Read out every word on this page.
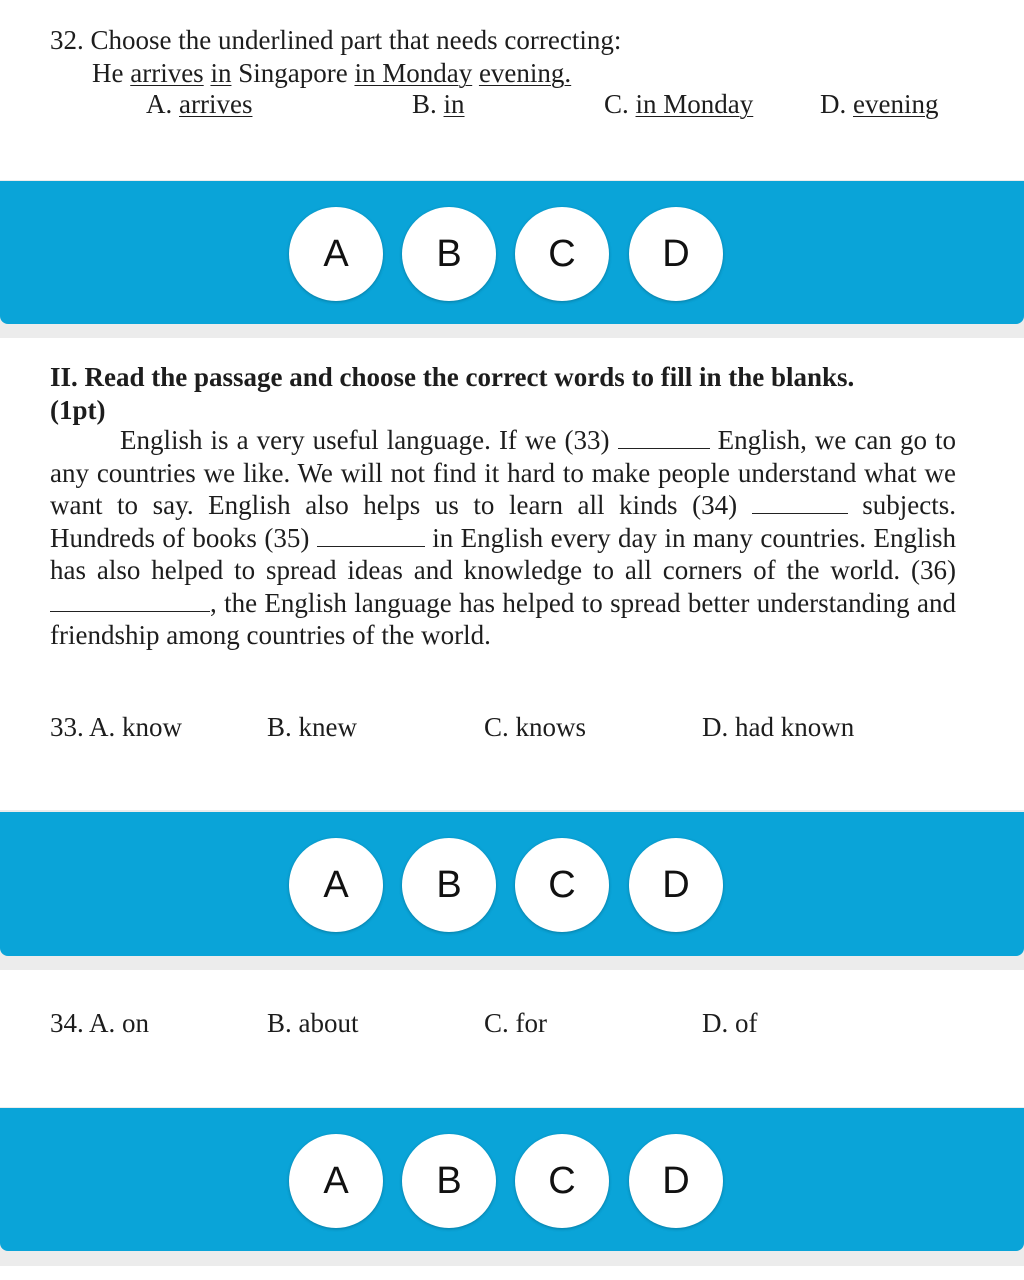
32. Choose the underlined part that needs correcting:
He arrives in Singapore in Monday evening.
A. arrives	B. in	C. in Monday D. evening
A	B	C	D
II. Read the passage and choose the correct words to fill in the blanks.
(1pt)

English is a very useful language. If we (33)	English, we can go to any countries we like. We will not find it hard to make people understand what we want to say. English also helps us to learn all kinds (34)	subjects. Hundreds of books (35)	in English every day in many countries. English has also helped to spread ideas and knowledge to all corners of the world. (36) , the English language has helped to spread better understanding and friendship among countries of the world.

33. A. know	B. knew	C. knows	D. had known
A	B	C	D
34. A. on	B. about	C. for	D. of
A	B	C	D
